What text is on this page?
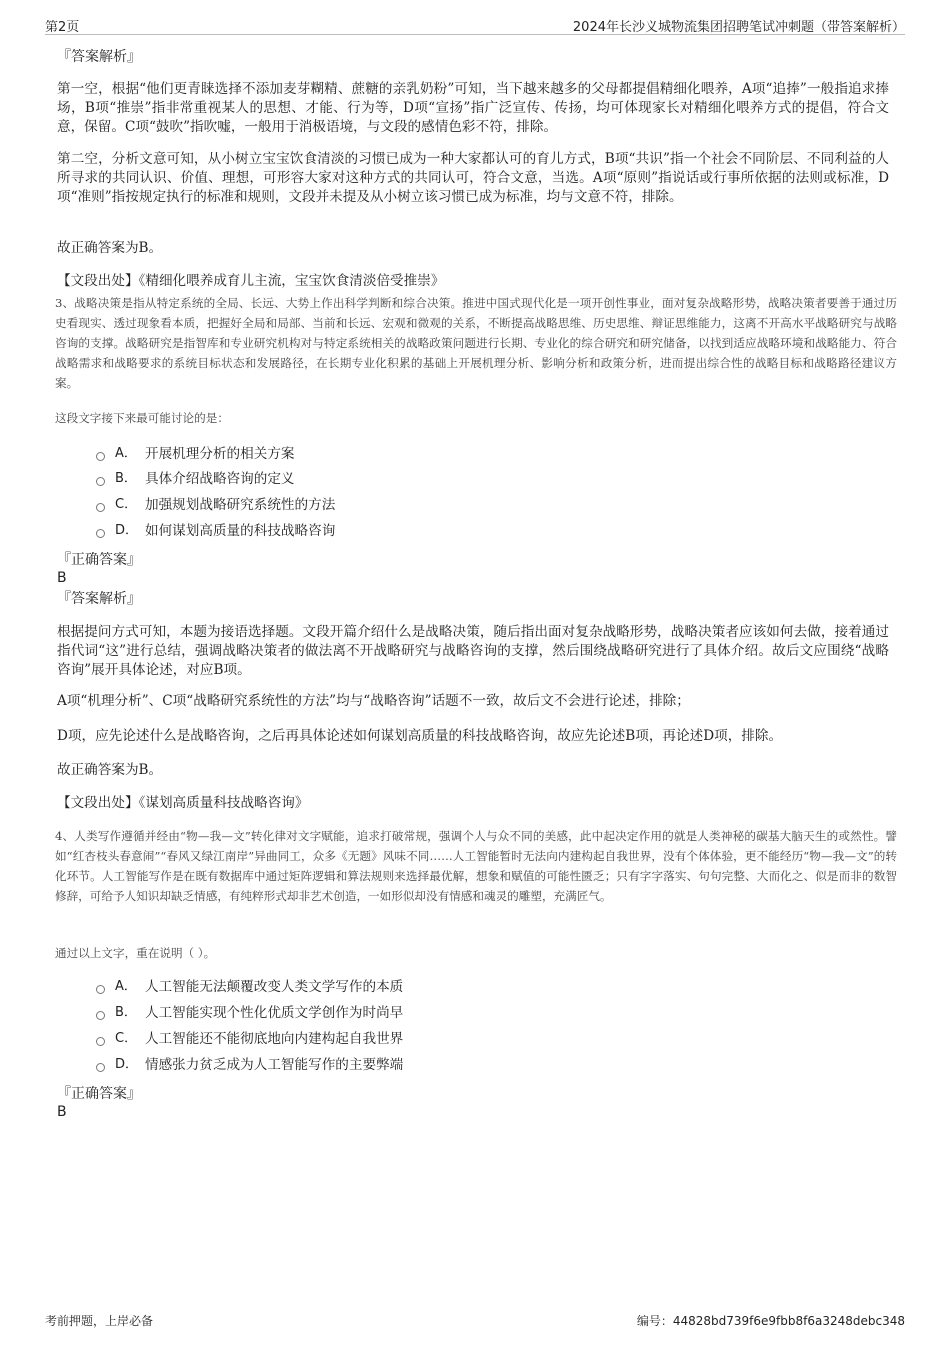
第2页	2024年长沙义城物流集团招聘笔试冲刺题（带答案解析）
『答案解析』
第一空，根据“他们更青睐选择不添加麦芽糊精、蔗糖的亲乳奶粉”可知，当下越来越多的父母都提倡精细化喂养，A项“追捧”一般指追求捧场，B项“推崇”指非常重视某人的思想、才能、行为等，D项“宣扬”指广泛宣传、传扬，均可体现家长对精细化喂养方式的提倡，符合文意，保留。C项“鼓吹”指吹嘘，一般用于消极语境，与文段的感情色彩不符，排除。
第二空，分析文意可知，从小树立宝宝饮食清淡的习惯已成为一种大家都认可的育儿方式，B项“共识”指一个社会不同阶层、不同利益的人所寻求的共同认识、价值、理想，可形容大家对这种方式的共同认可，符合文意，当选。A项“原则”指说话或行事所依据的法则或标准，D项“准则”指按规定执行的标准和规则，文段并未提及从小树立该习惯已成为标准，均与文意不符，排除。
故正确答案为B。
【文段出处】《精细化喂养成育儿主流，宝宝饮食清淡倍受推崇》
3、战略决策是指从特定系统的全局、长远、大势上作出科学判断和综合决策。推进中国式现代化是一项开创性事业，面对复杂战略形势，战略决策者要善于通过历史看现实、透过现象看本质，把握好全局和局部、当前和长远、宏观和微观的关系，不断提高战略思维、历史思维、辩证思维能力，这离不开高水平战略研究与战略咨询的支撑。战略研究是指智库和专业研究机构对与特定系统相关的战略政策问题进行长期、专业化的综合研究和研究储备，以找到适应战略环境和战略能力、符合战略需求和战略要求的系统目标状态和发展路径，在长期专业化积累的基础上开展机理分析、影响分析和政策分析，进而提出综合性的战略目标和战略路径建议方案。
这段文字接下来最可能讨论的是：
A． 开展机理分析的相关方案
B． 具体介绍战略咨询的定义
C． 加强规划战略研究系统性的方法
D． 如何谋划高质量的科技战略咨询
『正确答案』
B
『答案解析』
根据提问方式可知，本题为接语选择题。文段开篇介绍什么是战略决策，随后指出面对复杂战略形势，战略决策者应该如何去做，接着通过指代词“这”进行总结，强调战略决策者的做法离不开战略研究与战略咨询的支撑，然后围绕战略研究进行了具体介绍。故后文应围绕“战略咨询”展开具体论述，对应B项。
A项“机理分析”、C项“战略研究系统性的方法”均与“战略咨询”话题不一致，故后文不会进行论述，排除；
D项，应先论述什么是战略咨询，之后再具体论述如何谋划高质量的科技战略咨询，故应先论述B项，再论述D项，排除。
故正确答案为B。
【文段出处】《谋划高质量科技战略咨询》
4、人类写作遵循并经由“物—我—文”转化律对文字赋能，追求打破常规，强调个人与众不同的美感，此中起决定作用的就是人类神秘的碳基大脑天生的或然性。譬如“红杏枝头春意闹”“春风又绿江南岸”异曲同工，众多《无题》风味不同……人工智能暂时无法向内建构起自我世界，没有个体体验，更不能经历“物—我—文”的转化环节。人工智能写作是在既有数据库中通过矩阵逻辑和算法规则来选择最优解，想象和赋值的可能性匮乏；只有字字落实、句句完整、大而化之、似是而非的数智修辞，可给予人知识却缺乏情感，有纯粹形式却非艺术创造，一如形似却没有情感和魂灵的雕塑，充满匠气。
通过以上文字，重在说明（ ）。
A． 人工智能无法颠覆改变人类文学写作的本质
B． 人工智能实现个性化优质文学创作为时尚早
C． 人工智能还不能彻底地向内建构起自我世界
D． 情感张力贫乏成为人工智能写作的主要弊端
『正确答案』
B
考前押题，上岸必备	编号：44828bd739f6e9fbb8f6a3248debc348
